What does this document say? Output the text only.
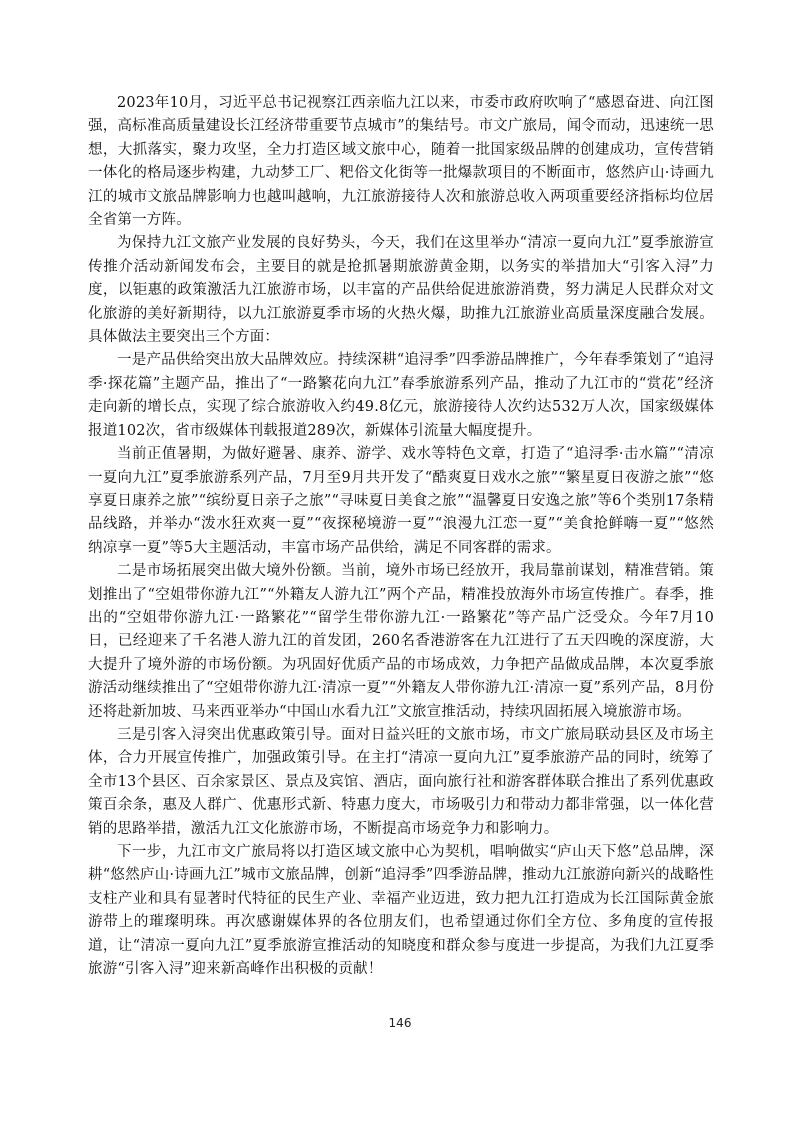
2023年10月，习近平总书记视察江西亲临九江以来，市委市政府吹响了“感恩奋进、向江图强，高标准高质量建设长江经济带重要节点城市”的集结号。市文广旅局，闻令而动，迅速统一思想，大抓落实，聚力攻坚，全力打造区域文旅中心，随着一批国家级品牌的创建成功，宣传营销一体化的格局逐步构建，九动梦工厂、粑俗文化街等一批爆款项目的不断面市，悠然庐山·诗画九江的城市文旅品牌影响力也越叫越响，九江旅游接待人次和旅游总收入两项重要经济指标均位居全省第一方阵。

为保持九江文旅产业发展的良好势头，今天，我们在这里举办“清凉一夏向九江”夏季旅游宣传推介活动新闻发布会，主要目的就是抢抓暑期旅游黄金期，以务实的举措加大“引客入浔”力度，以钜惠的政策激活九江旅游市场，以丰富的产品供给促进旅游消费，努力满足人民群众对文化旅游的美好新期待，以九江旅游夏季市场的火热火爆，助推九江旅游业高质量深度融合发展。具体做法主要突出三个方面：

一是产品供给突出放大品牌效应。持续深耕“追浔季”四季游品牌推广，今年春季策划了“追浔季·探花篇”主题产品，推出了“一路繁花向九江”春季旅游系列产品，推动了九江市的“赏花”经济走向新的增长点，实现了综合旅游收入约49.8亿元，旅游接待人次约达532万人次，国家级媒体报道102次，省市级媒体刊载报道289次，新媒体引流量大幅度提升。

当前正值暑期，为做好避暑、康养、游学、戏水等特色文章，打造了“追浔季·击水篇”“清凉一夏向九江”夏季旅游系列产品，7月至9月共开发了“酷爽夏日戏水之旅”“繁星夏日夜游之旅”“悠享夏日康养之旅”“缤纷夏日亲子之旅”“寻味夏日美食之旅”“温馨夏日安逸之旅”等6个类别17条精品线路，并举办“泼水狂欢爽一夏”“夜探秘境游一夏”“浪漫九江恋一夏”“美食抢鲜嗨一夏”“悠然纳凉享一夏”等5大主题活动，丰富市场产品供给，满足不同客群的需求。

二是市场拓展突出做大境外份额。当前，境外市场已经放开，我局靠前谋划，精准营销。策划推出了“空姐带你游九江”“外籍友人游九江”两个产品，精准投放海外市场宣传推广。春季，推出的“空姐带你游九江·一路繁花”“留学生带你游九江·一路繁花”等产品广泛受众。今年7月10日，已经迎来了千名港人游九江的首发团，260名香港游客在九江进行了五天四晚的深度游，大大提升了境外游的市场份额。为巩固好优质产品的市场成效，力争把产品做成品牌，本次夏季旅游活动继续推出了“空姐带你游九江·清凉一夏”“外籍友人带你游九江·清凉一夏”系列产品，8月份还将赴新加坡、马来西亚举办“中国山水看九江”文旅宣推活动，持续巩固拓展入境旅游市场。

三是引客入浔突出优惠政策引导。面对日益兴旺的文旅市场，市文广旅局联动县区及市场主体，合力开展宣传推广，加强政策引导。在主打“清凉一夏向九江”夏季旅游产品的同时，统筹了全市13个县区、百余家景区、景点及宾馆、酒店，面向旅行社和游客群体联合推出了系列优惠政策百余条，惠及人群广、优惠形式新、特惠力度大，市场吸引力和带动力都非常强，以一体化营销的思路举措，激活九江文化旅游市场，不断提高市场竞争力和影响力。

下一步，九江市文广旅局将以打造区域文旅中心为契机，唱响做实“庐山天下悠”总品牌，深耕“悠然庐山·诗画九江”城市文旅品牌，创新“追浔季”四季游品牌，推动九江旅游向新兴的战略性支柱产业和具有显著时代特征的民生产业、幸福产业迈进，致力把九江打造成为长江国际黄金旅游带上的璀璨明珠。再次感谢媒体界的各位朋友们，也希望通过你们全方位、多角度的宣传报道，让“清凉一夏向九江”夏季旅游宣推活动的知晓度和群众参与度进一步提高，为我们九江夏季旅游“引客入浔”迎来新高峰作出积极的贡献！

146
